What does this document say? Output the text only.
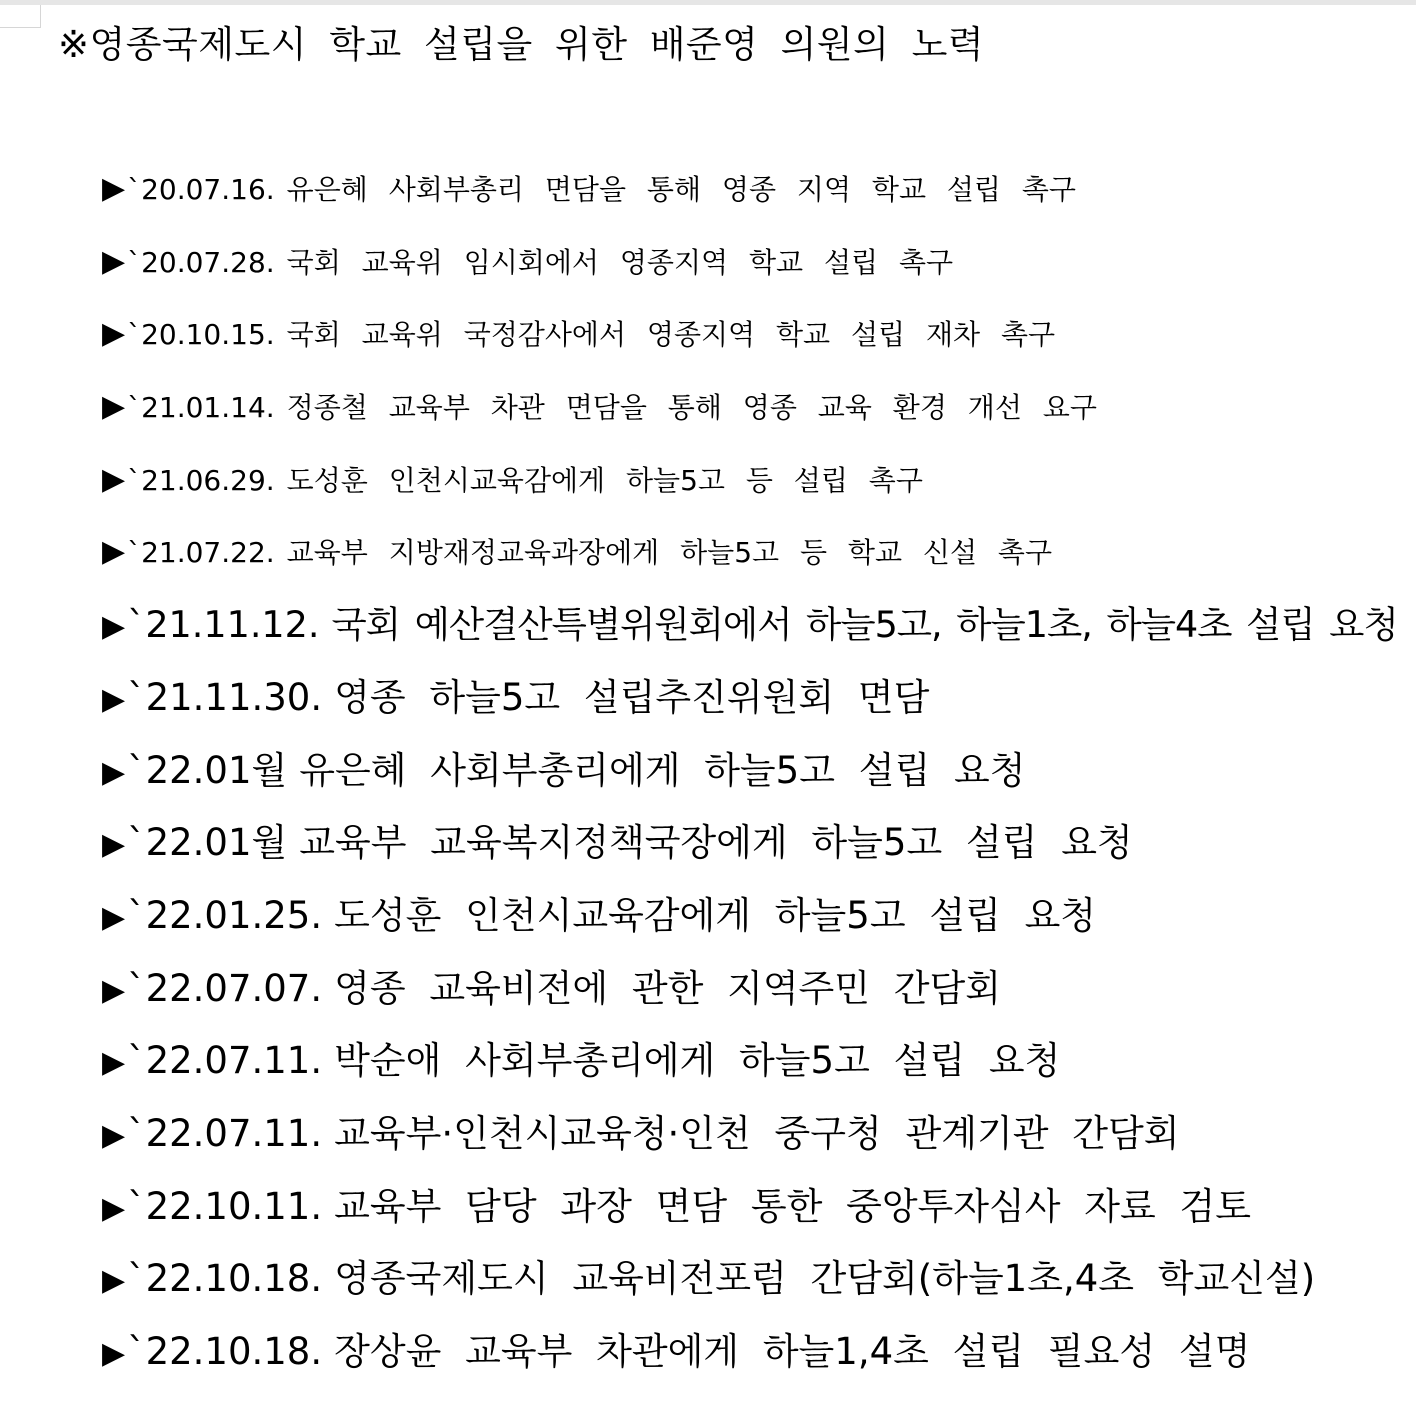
※영종국제도시 학교 설립을 위한 배준영 의원의 노력
▶`20.07.16. 유은혜 사회부총리 면담을 통해 영종 지역 학교 설립 촉구
▶`20.07.28. 국회 교육위 임시회에서 영종지역 학교 설립 촉구
▶`20.10.15. 국회 교육위 국정감사에서 영종지역 학교 설립 재차 촉구
▶`21.01.14. 정종철 교육부 차관 면담을 통해 영종 교육 환경 개선 요구
▶`21.06.29. 도성훈 인천시교육감에게 하늘5고 등 설립 촉구
▶`21.07.22. 교육부 지방재정교육과장에게 하늘5고 등 학교 신설 촉구
▶`21.11.12. 국회 예산결산특별위원회에서 하늘5고, 하늘1초, 하늘4초 설립 요청
▶`21.11.30. 영종 하늘5고 설립추진위원회 면담
▶`22.01월 유은혜 사회부총리에게 하늘5고 설립 요청
▶`22.01월 교육부 교육복지정책국장에게 하늘5고 설립 요청
▶`22.01.25. 도성훈 인천시교육감에게 하늘5고 설립 요청
▶`22.07.07. 영종 교육비전에 관한 지역주민 간담회
▶`22.07.11. 박순애 사회부총리에게 하늘5고 설립 요청
▶`22.07.11. 교육부·인천시교육청·인천 중구청 관계기관 간담회
▶`22.10.11. 교육부 담당 과장 면담 통한 중앙투자심사 자료 검토
▶`22.10.18. 영종국제도시 교육비전포럼 간담회(하늘1초,4초 학교신설)
▶`22.10.18. 장상윤 교육부 차관에게 하늘1,4초 설립 필요성 설명
